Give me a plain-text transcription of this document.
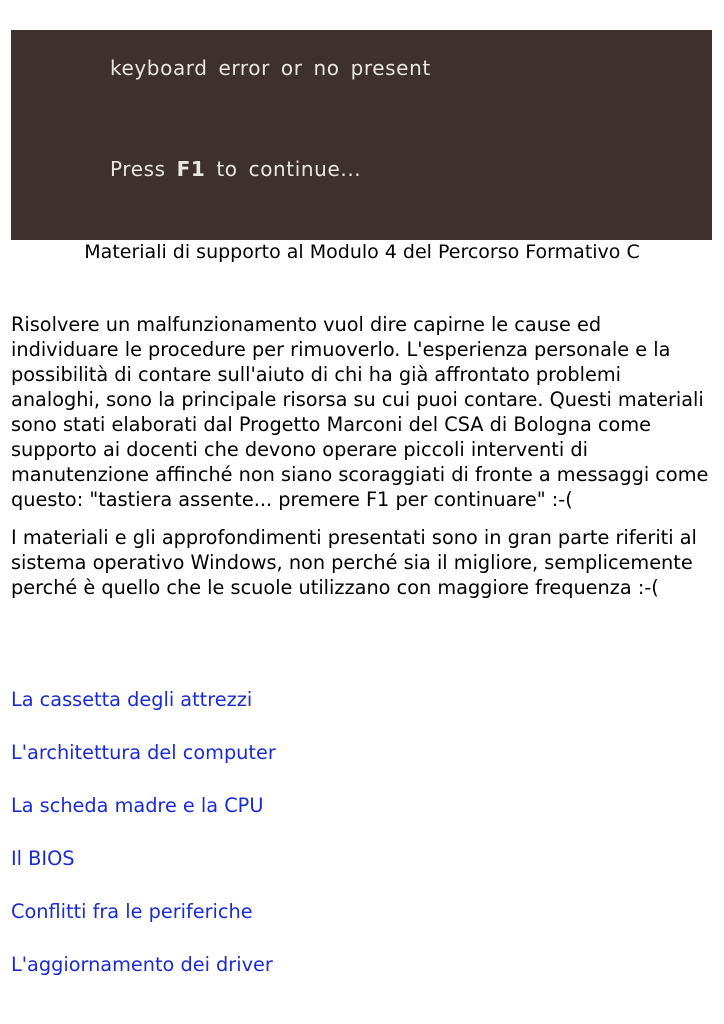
keyboard error or no present
Press F1 to continue...
Materiali di supporto al Modulo 4 del Percorso Formativo C

Risolvere un malfunzionamento vuol dire capirne le cause ed individuare le procedure per rimuoverlo. L'esperienza personale e la possibilità di contare sull'aiuto di chi ha già affrontato problemi analoghi, sono la principale risorsa su cui puoi contare. Questi materiali sono stati elaborati dal Progetto Marconi del CSA di Bologna come supporto ai docenti che devono operare piccoli interventi di manutenzione affinché non siano scoraggiati di fronte a messaggi come questo: "tastiera assente... premere F1 per continuare" :-(

I materiali e gli approfondimenti presentati sono in gran parte riferiti al sistema operativo Windows, non perché sia il migliore, semplicemente perché è quello che le scuole utilizzano con maggiore frequenza :-(

La cassetta degli attrezzi
L'architettura del computer
La scheda madre e la CPU
Il BIOS
Conflitti fra le periferiche
L'aggiornamento dei driver
